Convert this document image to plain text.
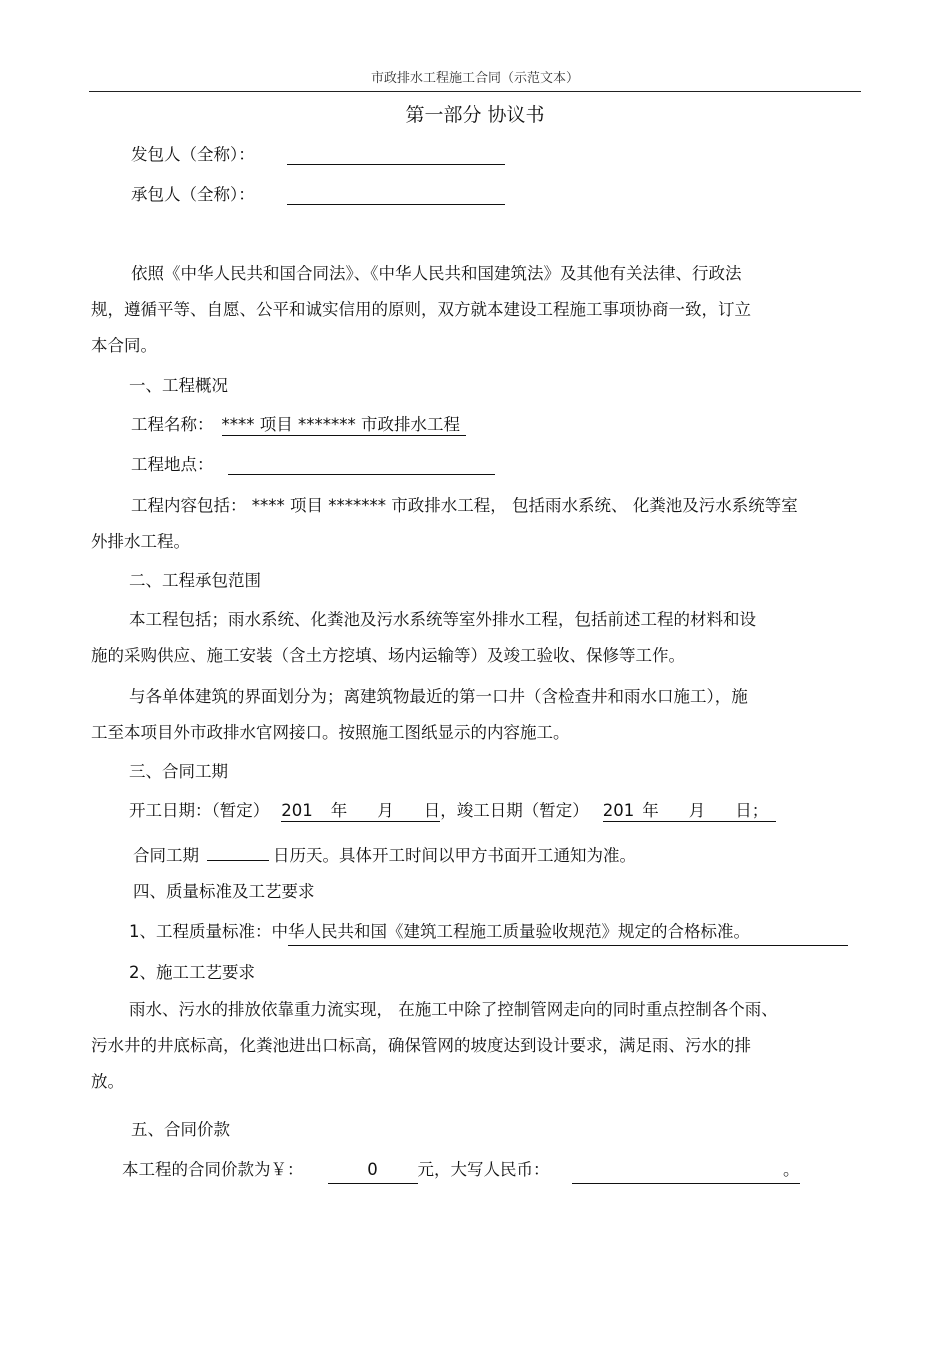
市政排水工程施工合同（示范文本）
第一部分 协议书
发包人（全称）：
承包人（全称）：
依照《中华人民共和国合同法》、《中华人民共和国建筑法》及其他有关法律、行政法
规，遵循平等、自愿、公平和诚实信用的原则，双方就本建设工程施工事项协商一致，订立
本合同。
一、工程概况
工程名称： **** 项目 ******* 市政排水工程
工程地点：
工程内容包括： **** 项目 ******* 市政排水工程， 包括雨水系统、 化粪池及污水系统等室
外排水工程。
二、工程承包范围
本工程包括；雨水系统、化粪池及污水系统等室外排水工程，包括前述工程的材料和设
施的采购供应、施工安装（含土方挖填、场内运输等）及竣工验收、保修等工作。
与各单体建筑的界面划分为；离建筑物最近的第一口井（含检查井和雨水口施工），施
工至本项目外市政排水官网接口。按照施工图纸显示的内容施工。
三、合同工期
开工日期：（暂定） 201 年 月 日，竣工日期（暂定） 201 年 月 日；
合同工期	日历天。具体开工时间以甲方书面开工通知为准。
四、质量标准及工艺要求
1、工程质量标准：中华人民共和国《建筑工程施工质量验收规范》规定的合格标准。
2、施工工艺要求
雨水、污水的排放依靠重力流实现， 在施工中除了控制管网走向的同时重点控制各个雨、
污水井的井底标高，化粪池进出口标高，确保管网的坡度达到设计要求，满足雨、污水的排
放。
五、合同价款
本工程的合同价款为￥：	0 元，大写人民币：	。
